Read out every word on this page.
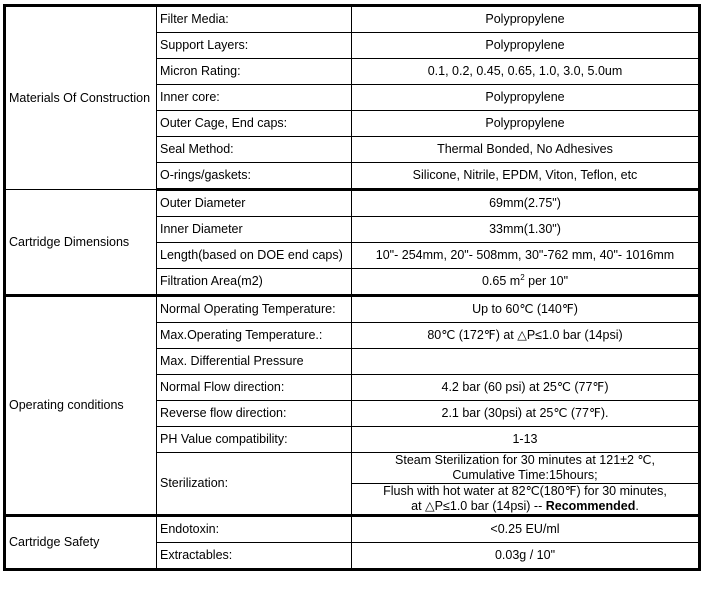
Materials Of Construction	Filter Media:	Polypropylene
	Support Layers:	Polypropylene
	Micron Rating:	0.1, 0.2, 0.45, 0.65, 1.0, 3.0, 5.0um
	Inner core:	Polypropylene
	Outer Cage, End caps:	Polypropylene
	Seal Method:	Thermal Bonded, No Adhesives
	O-rings/gaskets:	Silicone, Nitrile, EPDM, Viton, Teflon, etc
Cartridge Dimensions	Outer Diameter	69mm(2.75")
	Inner Diameter	33mm(1.30")
	Length(based on DOE end caps)	10"- 254mm, 20"- 508mm, 30"-762 mm, 40"- 1016mm
	Filtration Area(m2)	0.65 $m^2$ per 10"
Operating conditions	Normal Operating Temperature:	Up to 60℃ (140℉)
	Max.Operating Temperature.:	80℃ (172℉) at △P≤1.0 bar (14psi)
	Max. Differential Pressure	
	Normal Flow direction:	4.2 bar (60 psi) at 25℃ (77℉)
	Reverse flow direction:	2.1 bar (30psi) at 25℃ (77℉).
	PH Value compatibility:	1-13
	Sterilization:	Steam Sterilization for 30 minutes at 121±2 ℃,
Cumulative Time:15hours;

		Flush with hot water at 82℃(180℉) for 30 minutes,
at △P≤1.0 bar (14psi) -- Recommended.

Cartridge Safety	Endotoxin:	<0.25 EU/ml
	Extractables:	0.03g / 10"
